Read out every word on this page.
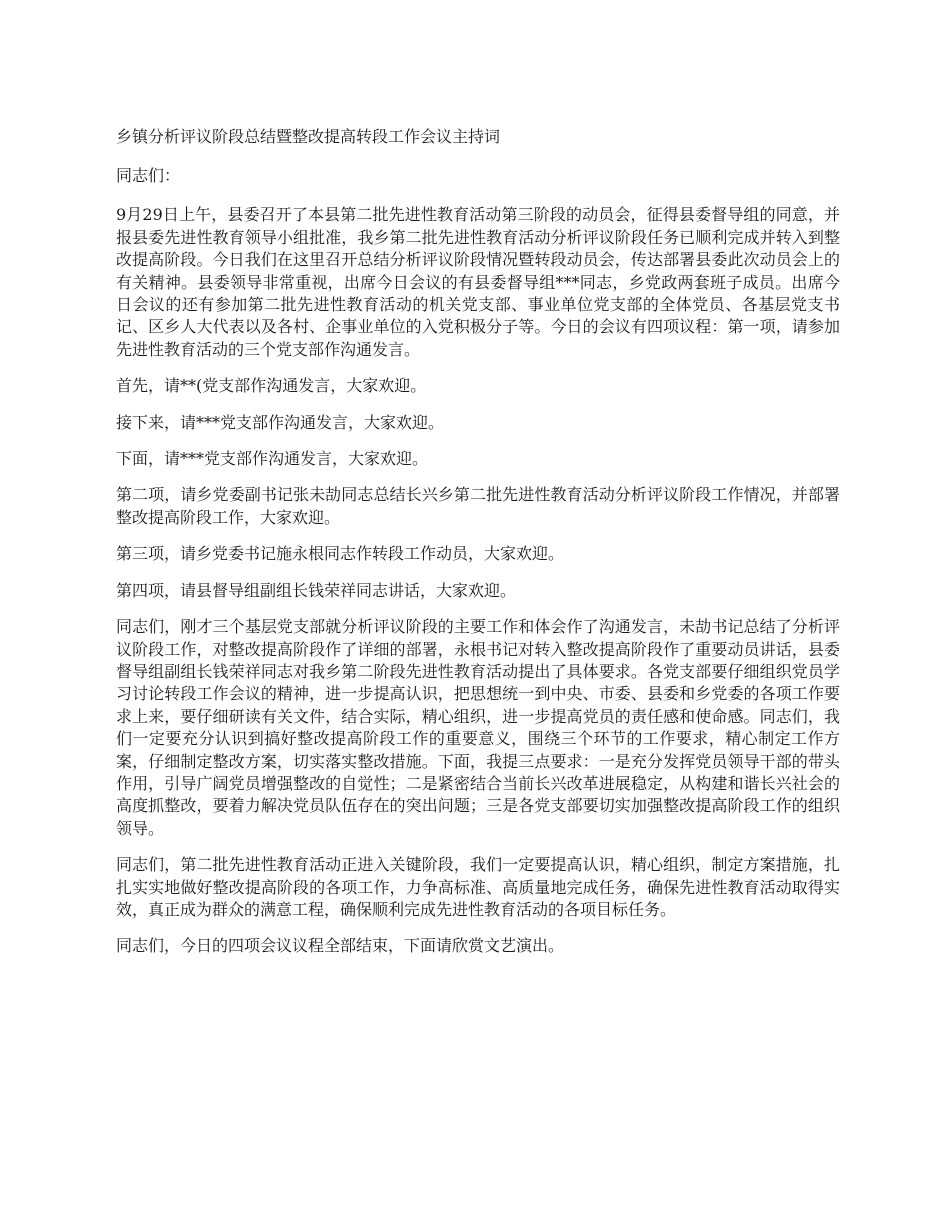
乡镇分析评议阶段总结暨整改提高转段工作会议主持词
同志们：
9月29日上午，县委召开了本县第二批先进性教育活动第三阶段的动员会，征得县委督导组的同意，并报县委先进性教育领导小组批准，我乡第二批先进性教育活动分析评议阶段任务已顺利完成并转入到整改提高阶段。今日我们在这里召开总结分析评议阶段情况暨转段动员会，传达部署县委此次动员会上的有关精神。县委领导非常重视，出席今日会议的有县委督导组***同志，乡党政两套班子成员。出席今日会议的还有参加第二批先进性教育活动的机关党支部、事业单位党支部的全体党员、各基层党支书记、区乡人大代表以及各村、企事业单位的入党积极分子等。今日的会议有四项议程：第一项，请参加先进性教育活动的三个党支部作沟通发言。
首先，请**(党支部作沟通发言，大家欢迎。
接下来，请***党支部作沟通发言，大家欢迎。
下面，请***党支部作沟通发言，大家欢迎。
第二项，请乡党委副书记张未劼同志总结长兴乡第二批先进性教育活动分析评议阶段工作情况，并部署整改提高阶段工作，大家欢迎。
第三项，请乡党委书记施永根同志作转段工作动员，大家欢迎。
第四项，请县督导组副组长钱荣祥同志讲话，大家欢迎。
同志们，刚才三个基层党支部就分析评议阶段的主要工作和体会作了沟通发言，未劼书记总结了分析评议阶段工作，对整改提高阶段作了详细的部署，永根书记对转入整改提高阶段作了重要动员讲话，县委督导组副组长钱荣祥同志对我乡第二阶段先进性教育活动提出了具体要求。各党支部要仔细组织党员学习讨论转段工作会议的精神，进一步提高认识，把思想统一到中央、市委、县委和乡党委的各项工作要求上来，要仔细研读有关文件，结合实际，精心组织，进一步提高党员的责任感和使命感。同志们，我们一定要充分认识到搞好整改提高阶段工作的重要意义，围绕三个环节的工作要求，精心制定工作方案，仔细制定整改方案，切实落实整改措施。下面，我提三点要求：一是充分发挥党员领导干部的带头作用，引导广阔党员增强整改的自觉性；二是紧密结合当前长兴改革进展稳定，从构建和谐长兴社会的高度抓整改，要着力解决党员队伍存在的突出问题；三是各党支部要切实加强整改提高阶段工作的组织领导。
同志们，第二批先进性教育活动正进入关键阶段，我们一定要提高认识，精心组织，制定方案措施，扎扎实实地做好整改提高阶段的各项工作，力争高标准、高质量地完成任务，确保先进性教育活动取得实效，真正成为群众的满意工程，确保顺利完成先进性教育活动的各项目标任务。
同志们，今日的四项会议议程全部结束，下面请欣赏文艺演出。
